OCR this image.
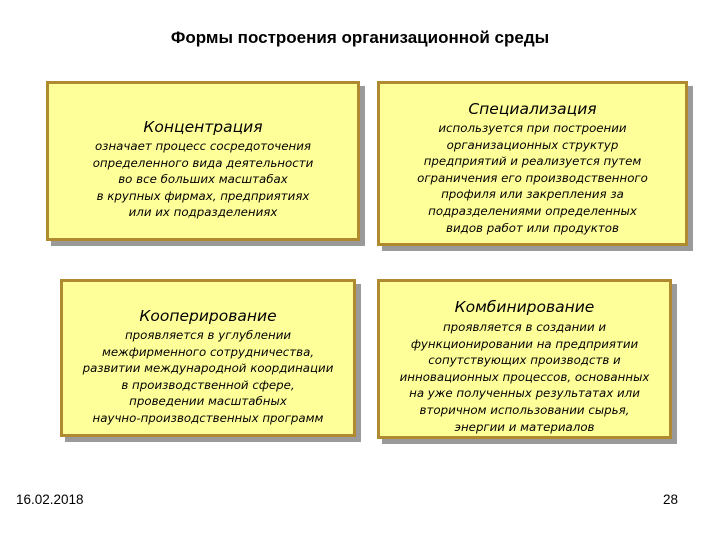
Формы построения организационной среды
Концентрация
означает процесс сосредоточения
определенного вида деятельности
во все больших масштабах
в крупных фирмах, предприятиях
или их подразделениях
Специализация
используется при построении
организационных структур
предприятий и реализуется путем
ограничения его производственного
профиля или закрепления за
подразделениями определенных
видов работ или продуктов
Кооперирование
проявляется в углублении
межфирменного сотрудничества,
развитии международной координации
в производственной сфере,
проведении масштабных
научно-производственных программ
Комбинирование
проявляется в создании и
функционировании на предприятии
сопутствующих производств и
инновационных процессов, основанных
на уже полученных результатах или
вторичном использовании сырья,
энергии и материалов
16.02.2018	28
